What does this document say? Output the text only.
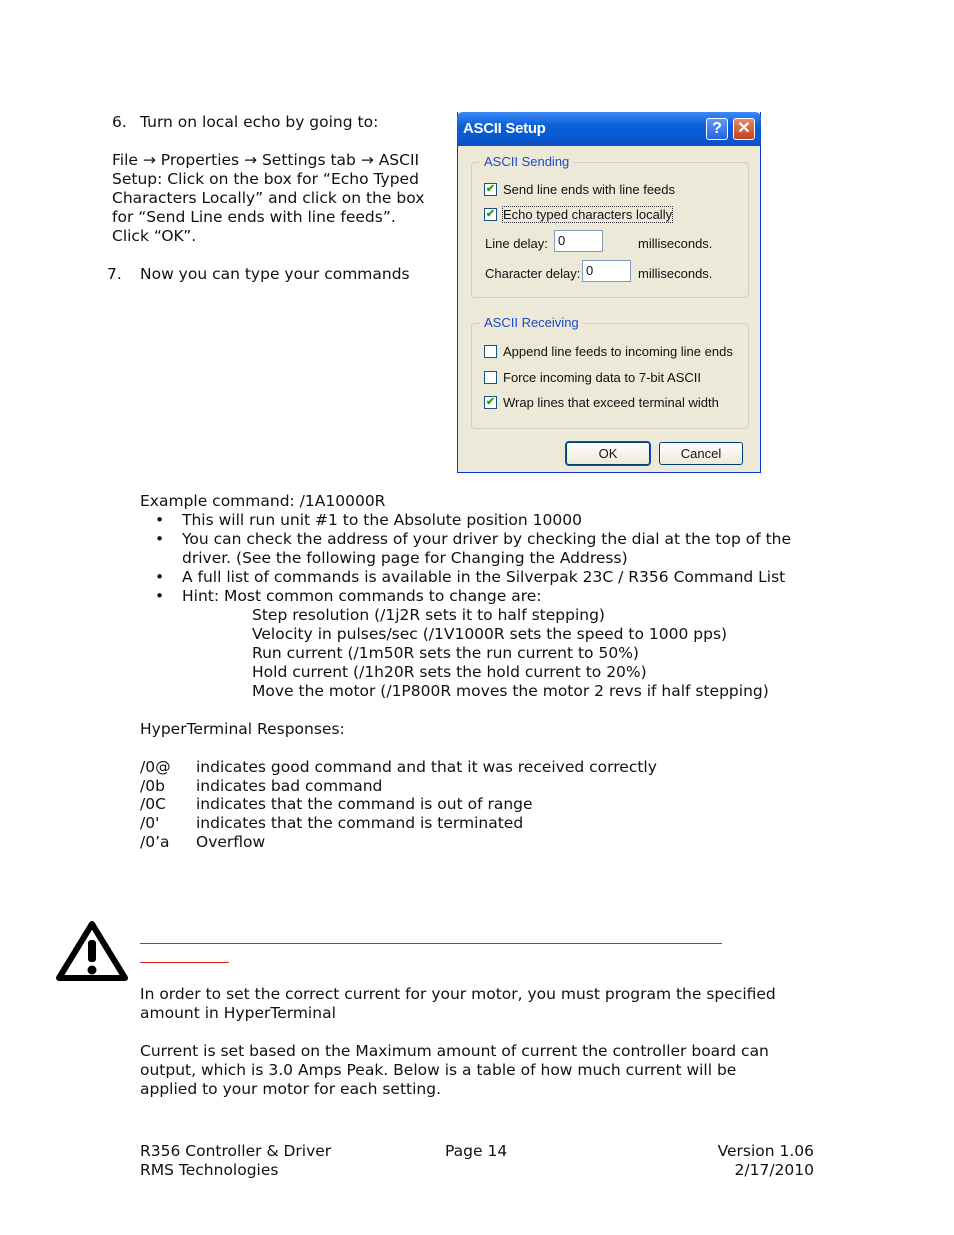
6. Turn on local echo by going to:
File → Properties → Settings tab → ASCII
Setup: Click on the box for “Echo Typed
Characters Locally” and click on the box
for “Send Line ends with line feeds”.
Click “OK”.
7. Now you can type your commands
ASCII Setup	? ✕
ASCII Sending
✔ Send line ends with line feeds
✔ Echo typed characters locally
Line delay: 0	milliseconds.
Character delay: 0	milliseconds.
ASCII Receiving
Append line feeds to incoming line ends
Force incoming data to 7-bit ASCII
✔ Wrap lines that exceed terminal width
OK	Cancel
Example command: /1A10000R
• This will run unit #1 to the Absolute position 10000
• You can check the address of your driver by checking the dial at the top of the
driver. (See the following page for Changing the Address)
• A full list of commands is available in the Silverpak 23C / R356 Command List
• Hint: Most common commands to change are:
Step resolution (/1j2R sets it to half stepping)
Velocity in pulses/sec (/1V1000R sets the speed to 1000 pps)
Run current (/1m50R sets the run current to 50%)
Hold current (/1h20R sets the hold current to 20%)
Move the motor (/1P800R moves the motor 2 revs if half stepping)
HyperTerminal Responses:
/0@ indicates good command and that it was received correctly
/0b indicates bad command
/0C indicates that the command is out of range
/0' indicates that the command is terminated
/0’a Overflow
In order to set the correct current for your motor, you must program the specified
amount in HyperTerminal
Current is set based on the Maximum amount of current the controller board can
output, which is 3.0 Amps Peak. Below is a table of how much current will be
applied to your motor for each setting.
R356 Controller & Driver
RMS Technologies
Page 14	Version 1.06
2/17/2010
